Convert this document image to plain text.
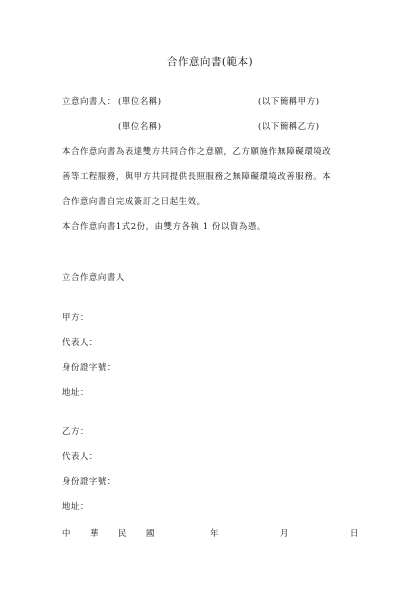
合作意向書(範本)
立意向書人： (單位名稱)	(以下簡稱甲方)
(單位名稱)	(以下簡稱乙方)
本合作意向書為表達雙方共同合作之意願，乙方願施作無障礙環境改
善等工程服務，與甲方共同提供長照服務之無障礙環境改善服務。本
合作意向書自完成簽訂之日起生效。
本合作意向書1式2份，由雙方各執 1 份以資為憑。
立合作意向書人
甲方：
代表人：
身份證字號：
地址：
乙方：
代表人：
身份證字號：
地址：
中 華 民 國	年	月	日
